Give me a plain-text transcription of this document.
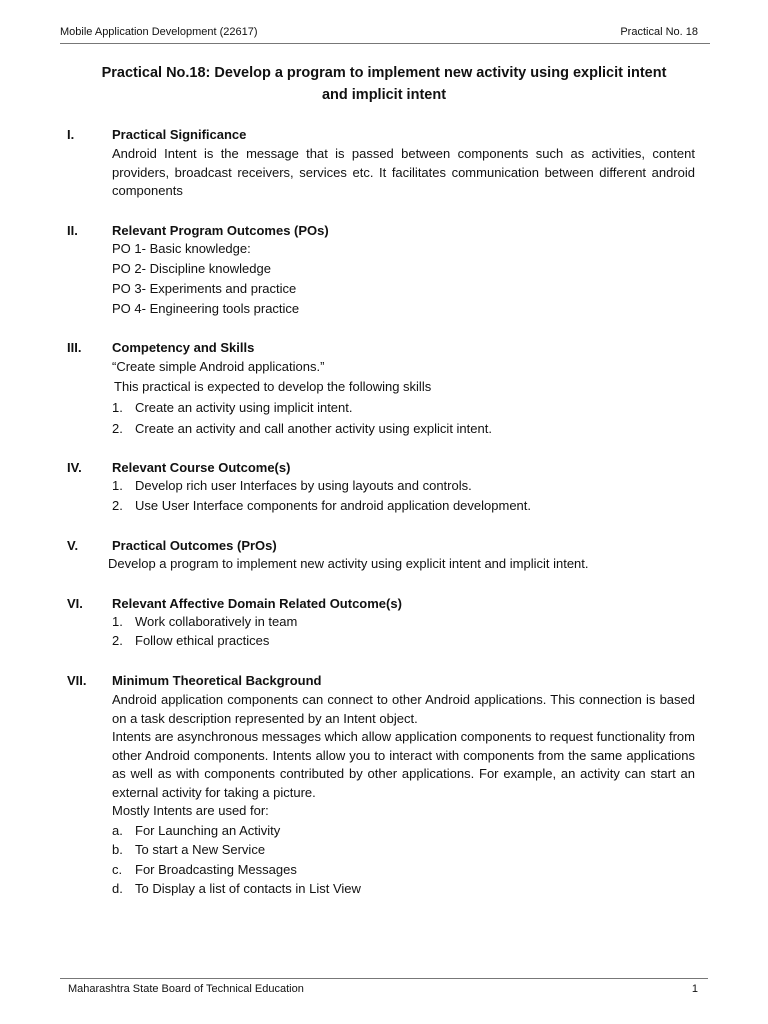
Mobile Application Development (22617)	Practical No. 18
Practical No.18: Develop a program to implement new activity using explicit intent
and implicit intent
I.	Practical Significance
Android Intent is the message that is passed between components such as activities, content providers, broadcast receivers, services etc. It facilitates communication between different android components
II.	Relevant Program Outcomes (POs)
PO 1- Basic knowledge:
PO 2- Discipline knowledge
PO 3- Experiments and practice
PO 4- Engineering tools practice
III. Competency and Skills
“Create simple Android applications.”
This practical is expected to develop the following skills
1. Create an activity using implicit intent.
2. Create an activity and call another activity using explicit intent.
IV. Relevant Course Outcome(s)
1. Develop rich user Interfaces by using layouts and controls.
2. Use User Interface components for android application development.
V.	Practical Outcomes (PrOs)
Develop a program to implement new activity using explicit intent and implicit intent.
VI. Relevant Affective Domain Related Outcome(s)
1. Work collaboratively in team
2. Follow ethical practices
VII. Minimum Theoretical Background
Android application components can connect to other Android applications. This connection is based on a task description represented by an Intent object.
Intents are asynchronous messages which allow application components to request functionality from other Android components. Intents allow you to interact with components from the same applications as well as with components contributed by other applications. For example, an activity can start an external activity for taking a picture.
Mostly Intents are used for:
a. For Launching an Activity
b. To start a New Service
c. For Broadcasting Messages
d. To Display a list of contacts in List View
Maharashtra State Board of Technical Education	1
